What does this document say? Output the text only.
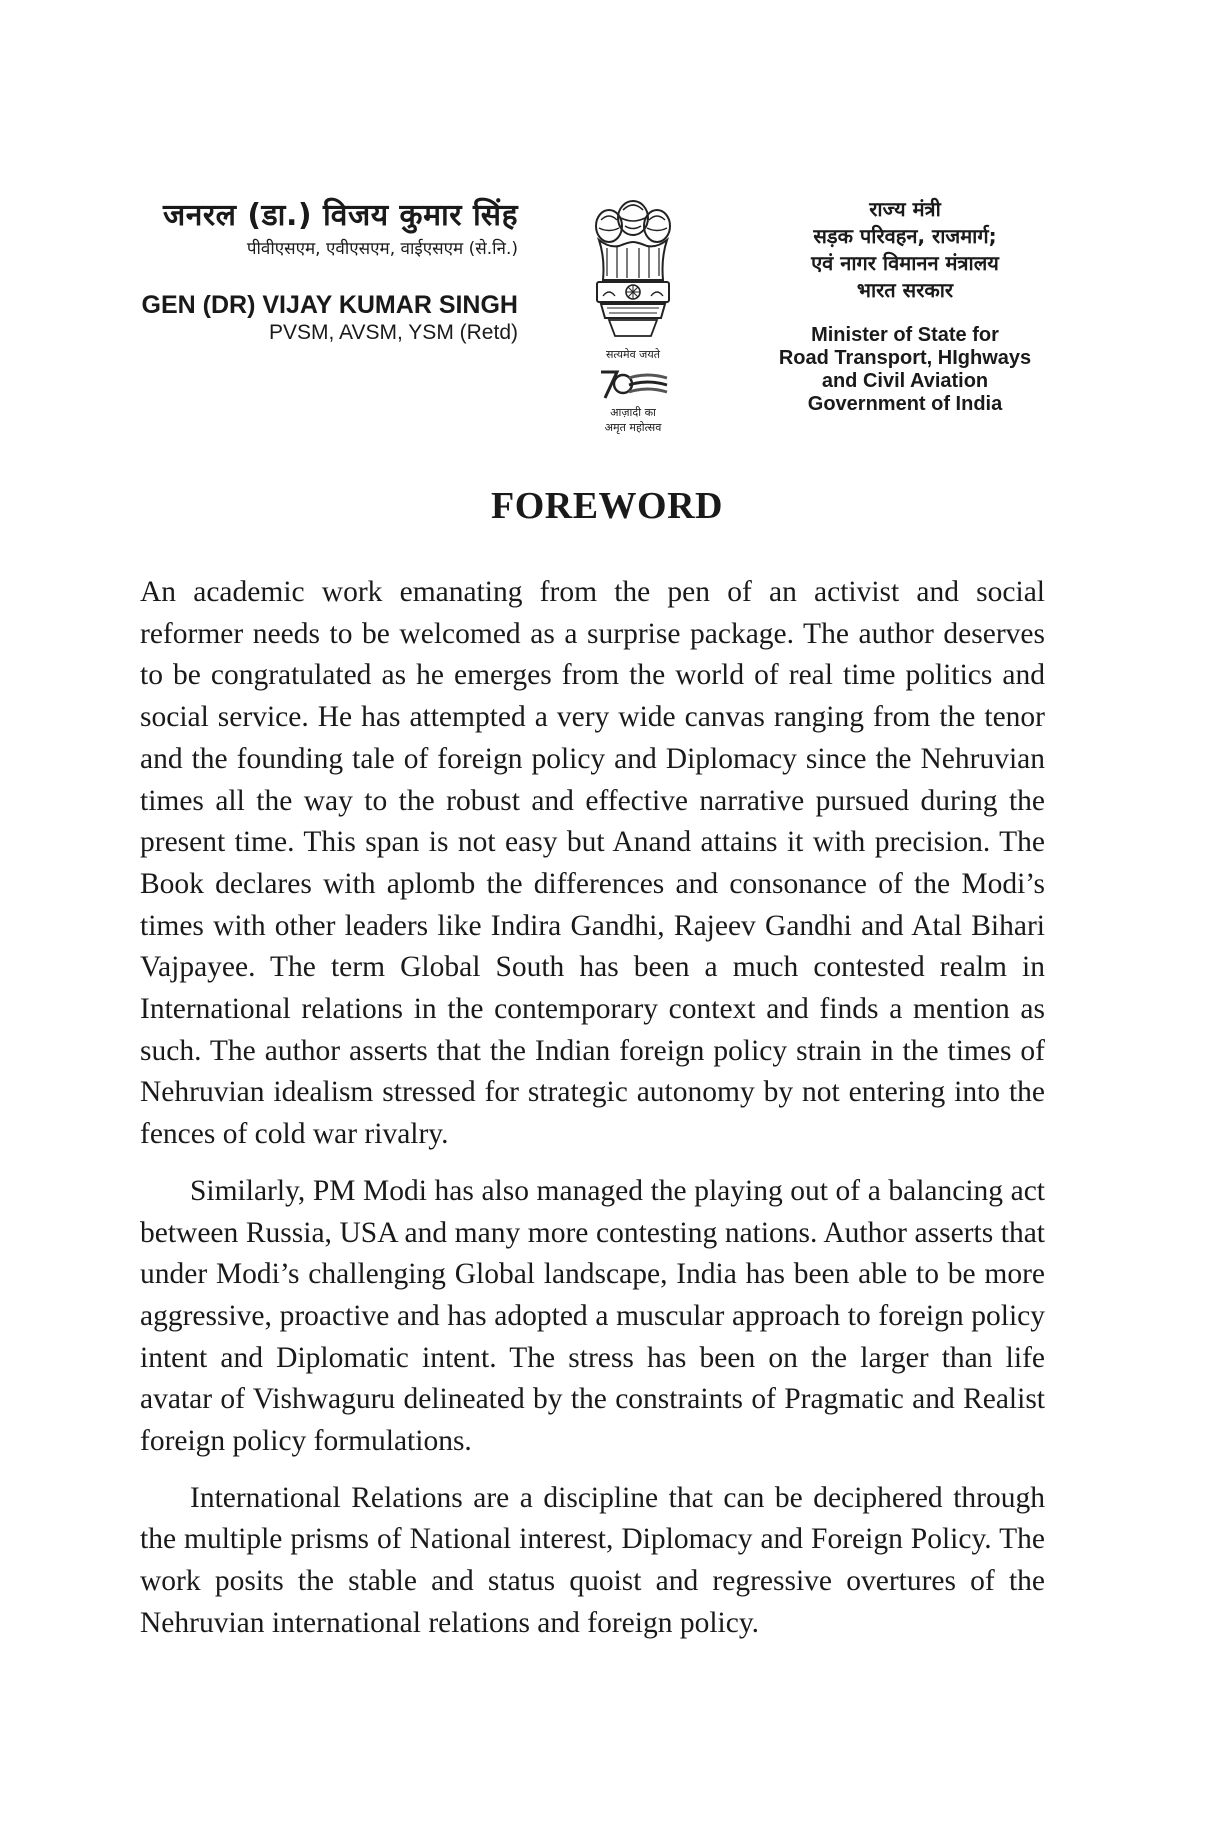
जनरल (डा.) विजय कुमार सिंह
पीवीएसएम, एवीएसएम, वाईएसएम (से.नि.)
GEN (DR) VIJAY KUMAR SINGH
PVSM, AVSM, YSM (Retd)
सत्यमेव जयते
आज़ादी का
अमृत महोत्सव
राज्य मंत्री
सड़क परिवहन, राजमार्ग;
एवं नागर विमानन मंत्रालय
भारत सरकार
Minister of State for
Road Transport, HIghways
and Civil Aviation
Government of India
FOREWORD

An academic work emanating from the pen of an activist and social reformer needs to be welcomed as a surprise package. The author deserves to be congratulated as he emerges from the world of real time politics and social service. He has attempted a very wide canvas ranging from the tenor and the founding tale of foreign policy and Diplomacy since the Nehruvian times all the way to the robust and effective narrative pursued during the present time. This span is not easy but Anand attains it with precision. The Book declares with aplomb the differences and consonance of the Modi’s times with other leaders like Indira Gandhi, Rajeev Gandhi and Atal Bihari Vajpayee. The term Global South has been a much contested realm in International relations in the contemporary context and finds a mention as such. The author asserts that the Indian foreign policy strain in the times of Nehruvian idealism stressed for strategic autonomy by not entering into the fences of cold war rivalry.

Similarly, PM Modi has also managed the playing out of a balancing act between Russia, USA and many more contesting nations. Author asserts that under Modi’s challenging Global landscape, India has been able to be more aggressive, proactive and has adopted a muscular approach to foreign policy intent and Diplomatic intent. The stress has been on the larger than life avatar of Vishwaguru delineated by the constraints of Pragmatic and Realist foreign policy formulations.

International Relations are a discipline that can be deciphered through the multiple prisms of National interest, Diplomacy and Foreign Policy. The work posits the stable and status quoist and regressive overtures of the Nehruvian international relations and foreign policy.
